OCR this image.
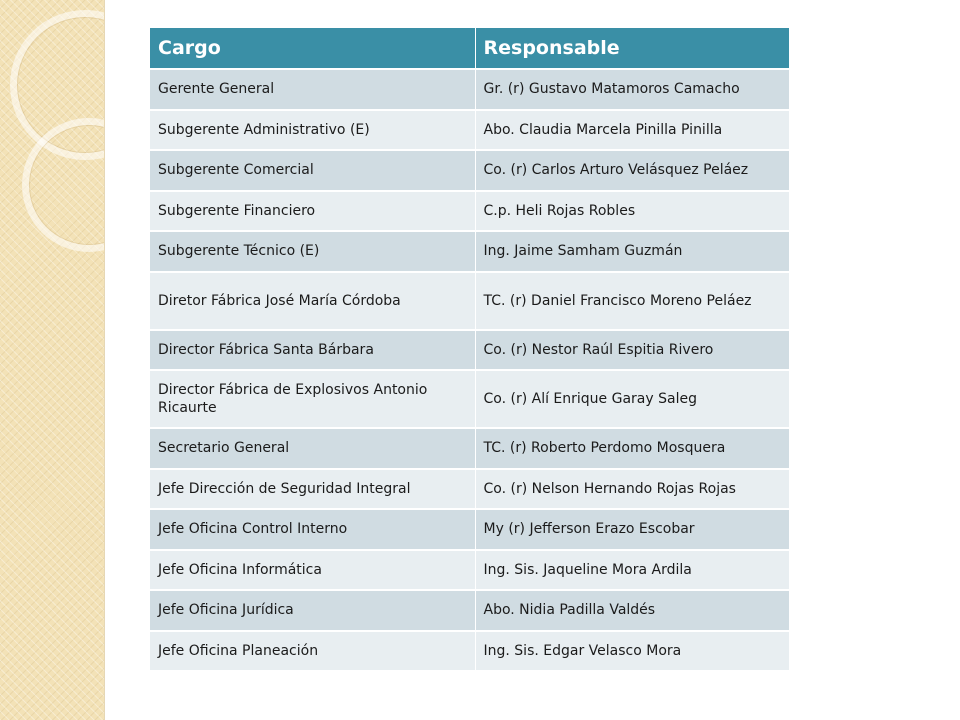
Cargo	Responsable
Gerente General	Gr. (r) Gustavo Matamoros Camacho
Subgerente Administrativo (E)	Abo. Claudia Marcela Pinilla Pinilla
Subgerente Comercial	Co. (r) Carlos Arturo Velásquez Peláez
Subgerente Financiero	C.p. Heli Rojas Robles
Subgerente Técnico (E)	Ing. Jaime Samham Guzmán
Diretor Fábrica José María Córdoba	TC. (r) Daniel Francisco Moreno Peláez
Director Fábrica Santa Bárbara	Co. (r) Nestor Raúl Espitia Rivero
Director Fábrica de Explosivos Antonio Ricaurte	Co. (r) Alí Enrique Garay Saleg
Secretario General	TC. (r) Roberto Perdomo Mosquera
Jefe Dirección de Seguridad Integral	Co. (r) Nelson Hernando Rojas Rojas
Jefe Oficina Control Interno	My (r) Jefferson Erazo Escobar
Jefe Oficina Informática	Ing. Sis. Jaqueline Mora Ardila
Jefe Oficina Jurídica	Abo. Nidia Padilla Valdés
Jefe Oficina Planeación	Ing. Sis. Edgar Velasco Mora
